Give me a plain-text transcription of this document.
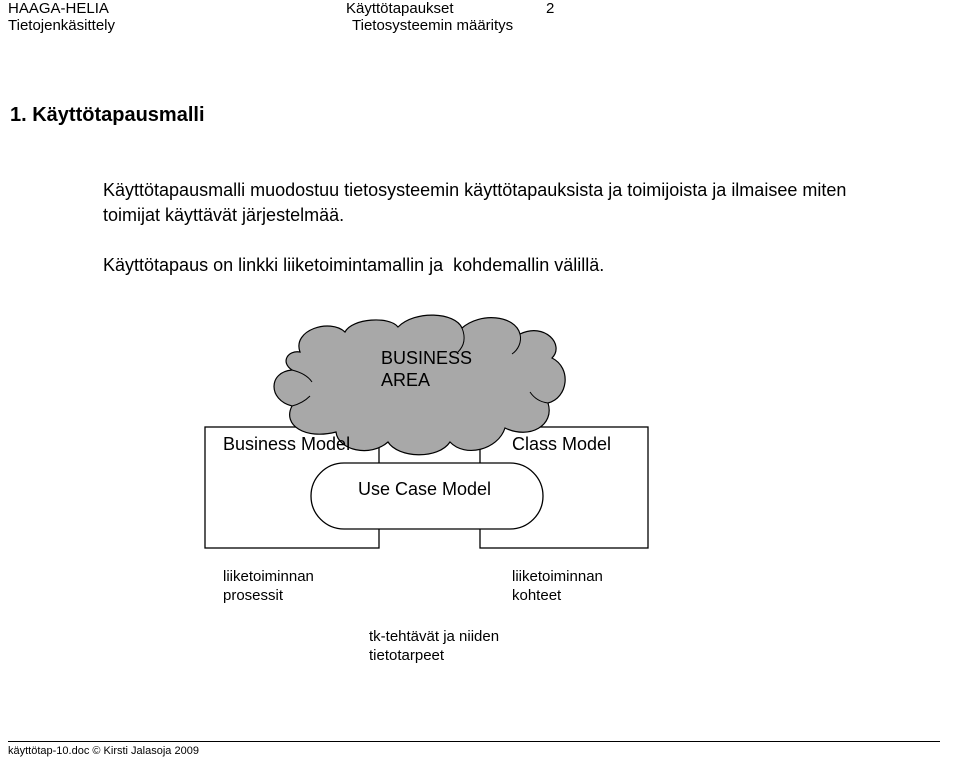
HAAGA-HELIA
Tietojenkäsittely
Käyttötapaukset
Tietosysteemin määritys
2
1. Käyttötapausmalli
Käyttötapausmalli muodostuu tietosysteemin käyttötapauksista ja toimijoista ja ilmaisee miten toimijat käyttävät järjestelmää.
Käyttötapaus on linkki liiketoimintamallin ja  kohdemallin välillä.
BUSINESS
AREA
Business Model	Class Model
Use Case Model
liiketoiminnan
prosessit
liiketoiminnan
kohteet
tk-tehtävät ja niiden
tietotarpeet
käyttötap-10.doc © Kirsti Jalasoja 2009
